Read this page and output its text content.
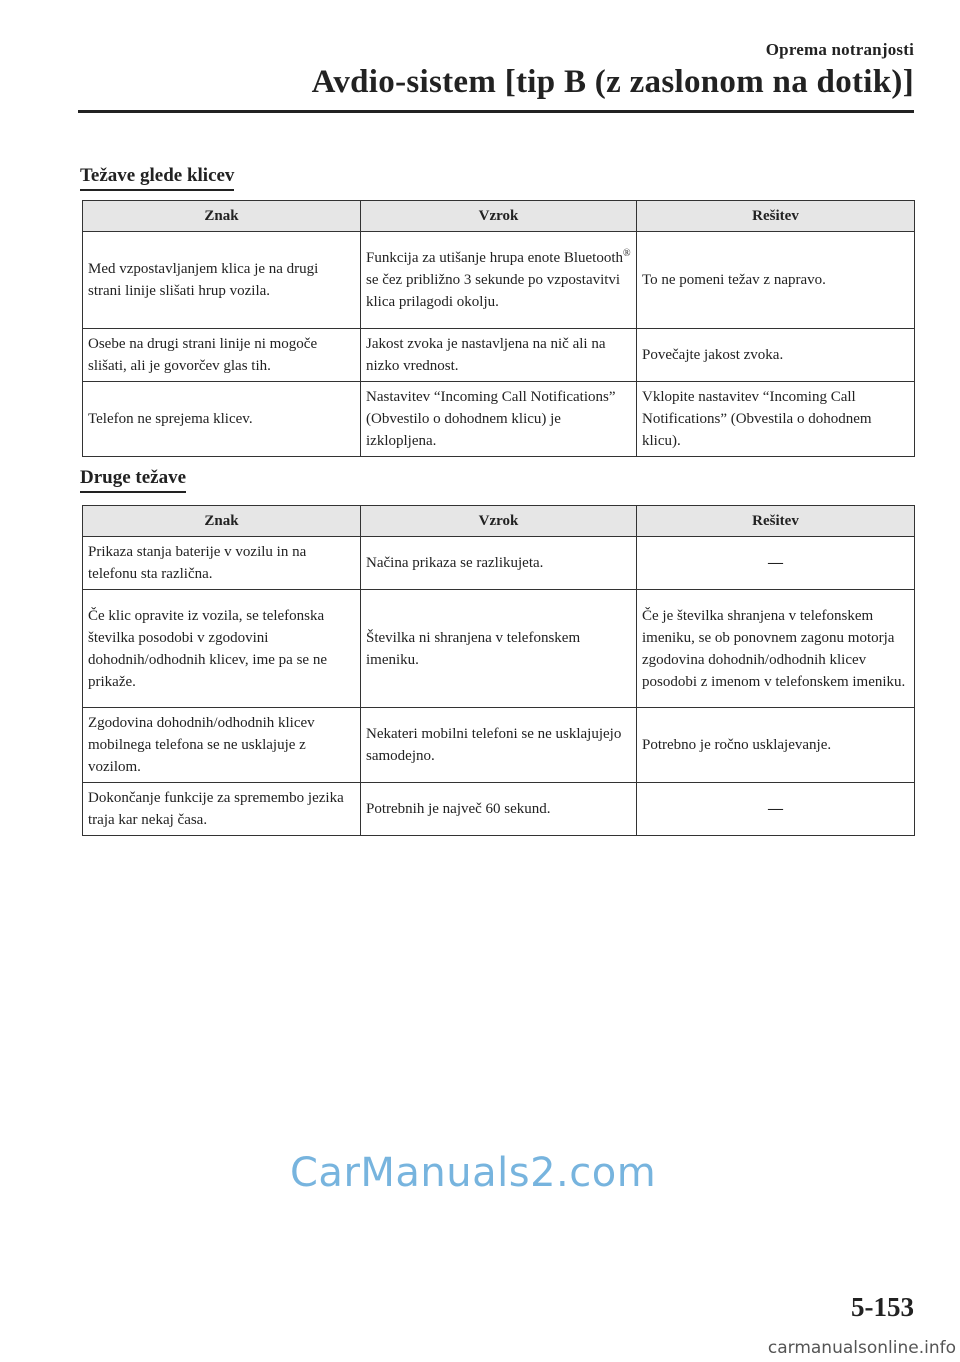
Oprema notranjosti
Avdio-sistem [tip B (z zaslonom na dotik)]
Težave glede klicev
Znak	Vzrok	Rešitev
Med vzpostavljanjem klica je na drugi strani linije slišati hrup vozila.	Funkcija za utišanje hrupa enote Bluetooth® se čez približno 3 sekunde po vzpostavitvi klica prilagodi okolju.	To ne pomeni težav z napravo.
Osebe na drugi strani linije ni mogoče slišati, ali je govorčev glas tih.	Jakost zvoka je nastavljena na nič ali na nizko vrednost.	Povečajte jakost zvoka.
Telefon ne sprejema klicev.	Nastavitev “Incoming Call Notifications” (Obvestilo o dohodnem klicu) je izklopljena.	Vklopite nastavitev “Incoming Call Notifications” (Obvestila o dohodnem klicu).
Druge težave
Znak	Vzrok	Rešitev
Prikaza stanja baterije v vozilu in na telefonu sta različna.	Načina prikaza se razlikujeta.	—
Če klic opravite iz vozila, se telefonska številka posodobi v zgodovini dohodnih/odhodnih klicev, ime pa se ne prikaže.	Številka ni shranjena v telefonskem imeniku.	Če je številka shranjena v telefonskem imeniku, se ob ponovnem zagonu motorja zgodovina dohodnih/odhodnih klicev posodobi z imenom v telefonskem imeniku.
Zgodovina dohodnih/odhodnih klicev mobilnega telefona se ne usklajuje z vozilom.	Nekateri mobilni telefoni se ne usklajujejo samodejno.	Potrebno je ročno usklajevanje.
Dokončanje funkcije za spremembo jezika traja kar nekaj časa.	Potrebnih je največ 60 sekund.	—
CarManuals2.com
5-153
carmanualsonline.info
